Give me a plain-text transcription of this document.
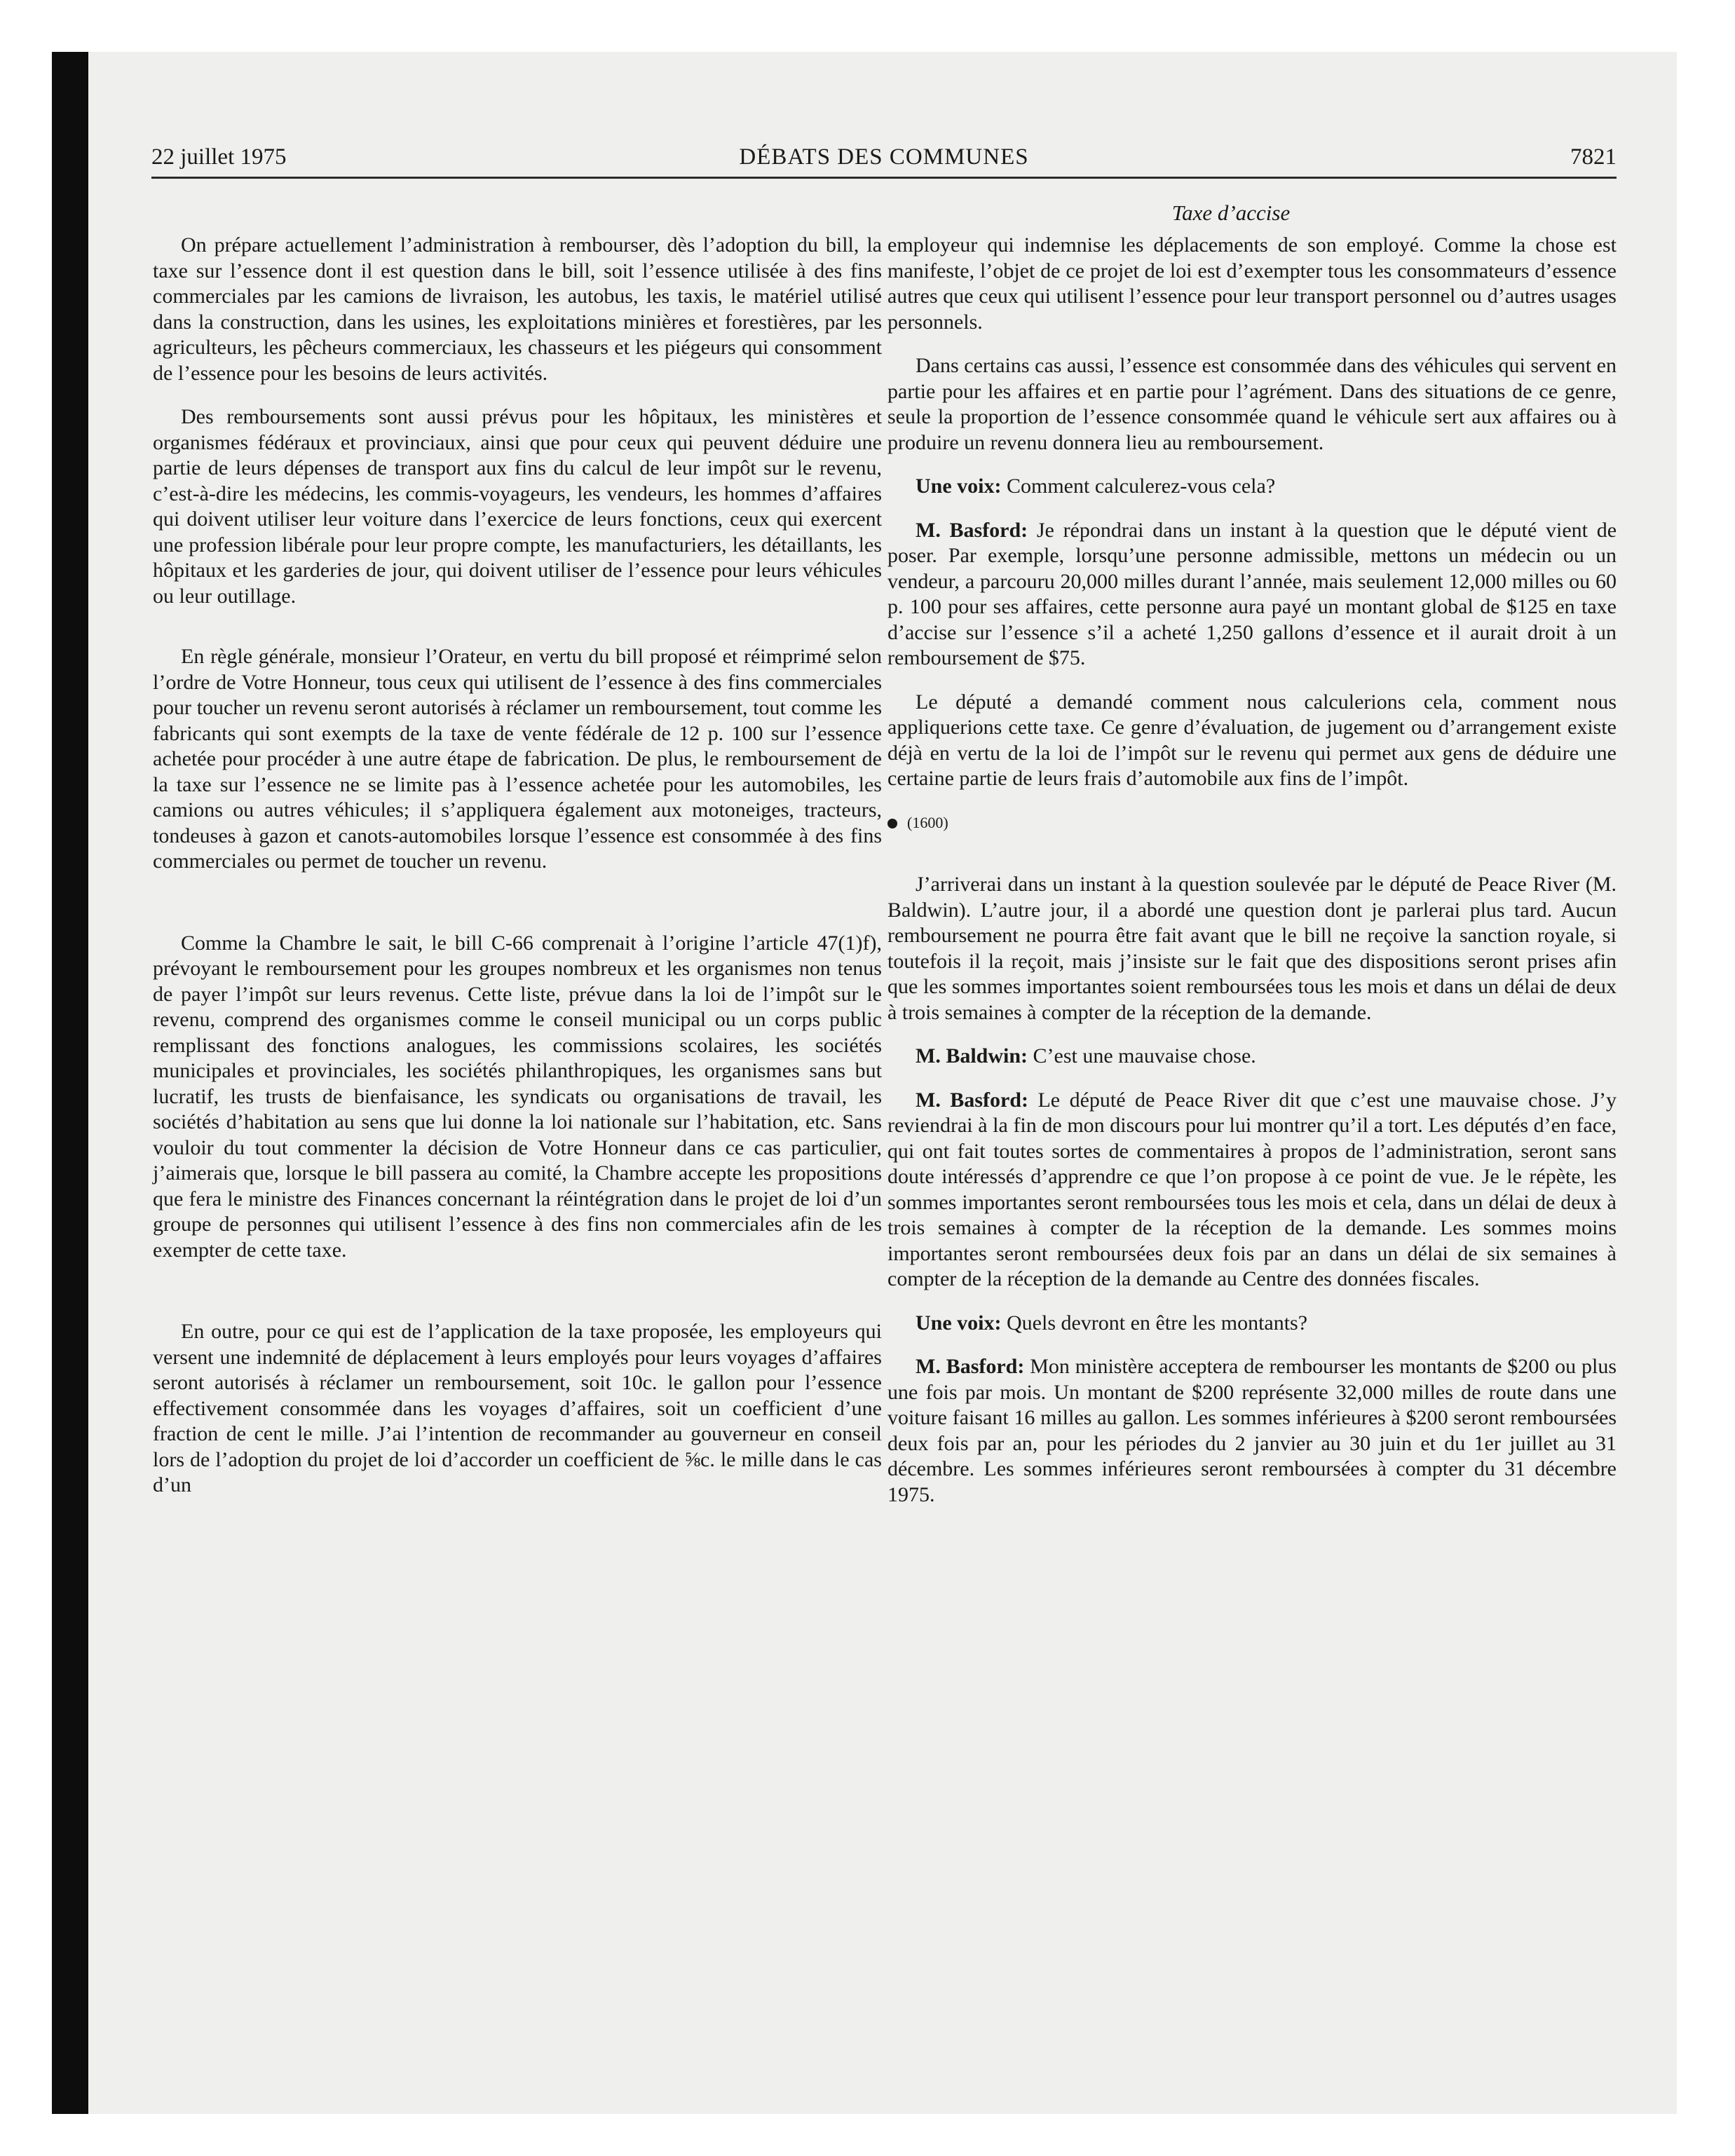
22 juillet 1975	DÉBATS DES COMMUNES	7821
Taxe d’accise

On prépare actuellement l’administration à rembourser, dès l’adoption du bill, la taxe sur l’essence dont il est question dans le bill, soit l’essence utilisée à des fins commerciales par les camions de livraison, les autobus, les taxis, le matériel utilisé dans la construction, dans les usines, les exploitations minières et forestières, par les agriculteurs, les pêcheurs commerciaux, les chasseurs et les piégeurs qui consomment de l’essence pour les besoins de leurs activités.

Des remboursements sont aussi prévus pour les hôpitaux, les ministères et organismes fédéraux et provinciaux, ainsi que pour ceux qui peuvent déduire une partie de leurs dépenses de transport aux fins du calcul de leur impôt sur le revenu, c’est-à-dire les médecins, les commis-voyageurs, les vendeurs, les hommes d’affaires qui doivent utiliser leur voiture dans l’exercice de leurs fonctions, ceux qui exercent une profession libérale pour leur propre compte, les manufacturiers, les détaillants, les hôpitaux et les garderies de jour, qui doivent utiliser de l’essence pour leurs véhicules ou leur outillage.

En règle générale, monsieur l’Orateur, en vertu du bill proposé et réimprimé selon l’ordre de Votre Honneur, tous ceux qui utilisent de l’essence à des fins commerciales pour toucher un revenu seront autorisés à réclamer un remboursement, tout comme les fabricants qui sont exempts de la taxe de vente fédérale de 12 p. 100 sur l’essence achetée pour procéder à une autre étape de fabrication. De plus, le remboursement de la taxe sur l’essence ne se limite pas à l’essence achetée pour les automobiles, les camions ou autres véhicules; il s’appliquera également aux motoneiges, tracteurs, tondeuses à gazon et canots-automobiles lorsque l’essence est consommée à des fins commerciales ou permet de toucher un revenu.

Comme la Chambre le sait, le bill C-66 comprenait à l’origine l’article 47(1)f), prévoyant le remboursement pour les groupes nombreux et les organismes non tenus de payer l’impôt sur leurs revenus. Cette liste, prévue dans la loi de l’impôt sur le revenu, comprend des organismes comme le conseil municipal ou un corps public remplissant des fonctions analogues, les commissions scolaires, les sociétés municipales et provinciales, les sociétés philanthropiques, les organismes sans but lucratif, les trusts de bienfaisance, les syndicats ou organisations de travail, les sociétés d’habitation au sens que lui donne la loi nationale sur l’habitation, etc. Sans vouloir du tout commenter la décision de Votre Honneur dans ce cas particulier, j’aimerais que, lorsque le bill passera au comité, la Chambre accepte les propositions que fera le ministre des Finances concernant la réintégration dans le projet de loi d’un groupe de personnes qui utilisent l’essence à des fins non commerciales afin de les exempter de cette taxe.

En outre, pour ce qui est de l’application de la taxe proposée, les employeurs qui versent une indemnité de déplacement à leurs employés pour leurs voyages d’affaires seront autorisés à réclamer un remboursement, soit 10c. le gallon pour l’essence effectivement consommée dans les voyages d’affaires, soit un coefficient d’une fraction de cent le mille. J’ai l’intention de recommander au gouverneur en conseil lors de l’adoption du projet de loi d’accorder un coefficient de ⅝c. le mille dans le cas d’un

employeur qui indemnise les déplacements de son employé. Comme la chose est manifeste, l’objet de ce projet de loi est d’exempter tous les consommateurs d’essence autres que ceux qui utilisent l’essence pour leur transport personnel ou d’autres usages personnels.

Dans certains cas aussi, l’essence est consommée dans des véhicules qui servent en partie pour les affaires et en partie pour l’agrément. Dans des situations de ce genre, seule la proportion de l’essence consommée quand le véhicule sert aux affaires ou à produire un revenu donnera lieu au remboursement.

Une voix: Comment calculerez-vous cela?

M. Basford: Je répondrai dans un instant à la question que le député vient de poser. Par exemple, lorsqu’une personne admissible, mettons un médecin ou un vendeur, a parcouru 20,000 milles durant l’année, mais seulement 12,000 milles ou 60 p. 100 pour ses affaires, cette personne aura payé un montant global de $125 en taxe d’accise sur l’essence s’il a acheté 1,250 gallons d’essence et il aurait droit à un remboursement de $75.

Le député a demandé comment nous calculerions cela, comment nous appliquerions cette taxe. Ce genre d’évaluation, de jugement ou d’arrangement existe déjà en vertu de la loi de l’impôt sur le revenu qui permet aux gens de déduire une certaine partie de leurs frais d’automobile aux fins de l’impôt.

(1600)

J’arriverai dans un instant à la question soulevée par le député de Peace River (M. Baldwin). L’autre jour, il a abordé une question dont je parlerai plus tard. Aucun remboursement ne pourra être fait avant que le bill ne reçoive la sanction royale, si toutefois il la reçoit, mais j’insiste sur le fait que des dispositions seront prises afin que les sommes importantes soient remboursées tous les mois et dans un délai de deux à trois semaines à compter de la réception de la demande.

M. Baldwin: C’est une mauvaise chose.

M. Basford: Le député de Peace River dit que c’est une mauvaise chose. J’y reviendrai à la fin de mon discours pour lui montrer qu’il a tort. Les députés d’en face, qui ont fait toutes sortes de commentaires à propos de l’administration, seront sans doute intéressés d’apprendre ce que l’on propose à ce point de vue. Je le répète, les sommes importantes seront remboursées tous les mois et cela, dans un délai de deux à trois semaines à compter de la réception de la demande. Les sommes moins importantes seront remboursées deux fois par an dans un délai de six semaines à compter de la réception de la demande au Centre des données fiscales.

Une voix: Quels devront en être les montants?

M. Basford: Mon ministère acceptera de rembourser les montants de $200 ou plus une fois par mois. Un montant de $200 représente 32,000 milles de route dans une voiture faisant 16 milles au gallon. Les sommes inférieures à $200 seront remboursées deux fois par an, pour les périodes du 2 janvier au 30 juin et du 1er juillet au 31 décembre. Les sommes inférieures seront remboursées à compter du 31 décembre 1975.
